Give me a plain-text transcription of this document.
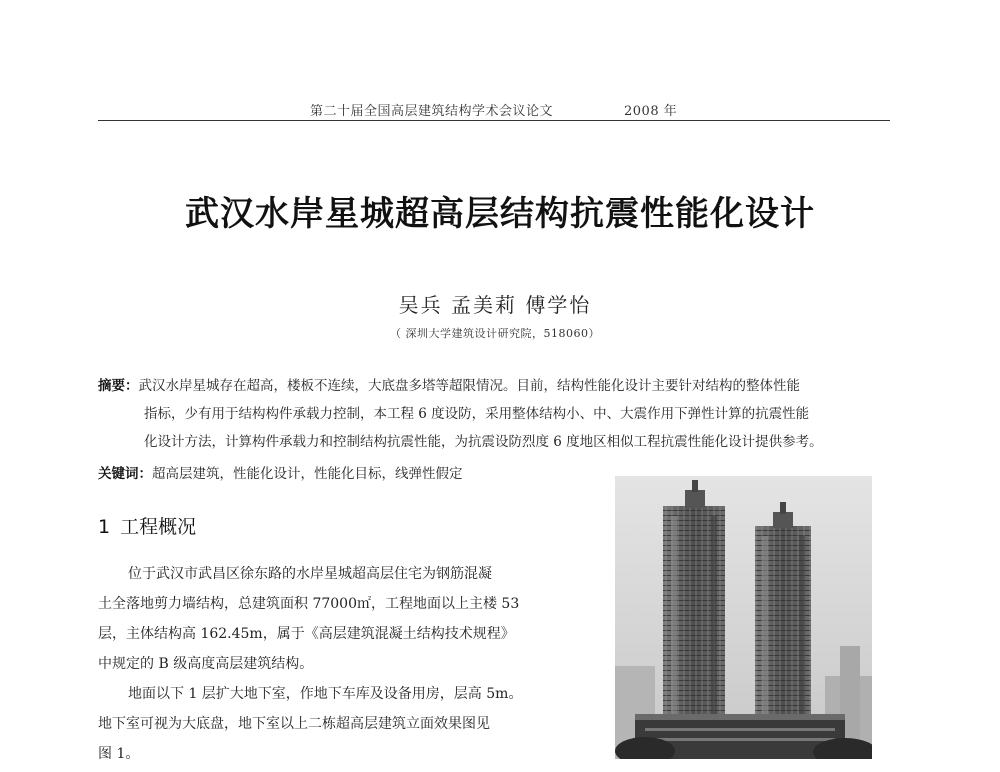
第二十届全国高层建筑结构学术会议论文	2008 年
武汉水岸星城超高层结构抗震性能化设计
吴兵 孟美莉 傅学怡
（ 深圳大学建筑设计研究院，518060）
摘要：武汉水岸星城存在超高，楼板不连续，大底盘多塔等超限情况。目前，结构性能化设计主要针对结构的整体性能
指标，少有用于结构构件承载力控制，本工程 6 度设防，采用整体结构小、中、大震作用下弹性计算的抗震性能
化设计方法，计算构件承载力和控制结构抗震性能，为抗震设防烈度 6 度地区相似工程抗震性能化设计提供参考。
关键词：超高层建筑，性能化设计，性能化目标，线弹性假定
1 工程概况
位于武汉市武昌区徐东路的水岸星城超高层住宅为钢筋混凝
土全落地剪力墙结构，总建筑面积 77000㎡，工程地面以上主楼 53
层，主体结构高 162.45m，属于《高层建筑混凝土结构技术规程》
中规定的 B 级高度高层建筑结构。
地面以下 1 层扩大地下室，作地下车库及设备用房，层高 5m。
地下室可视为大底盘，地下室以上二栋超高层建筑立面效果图见
图 1。
